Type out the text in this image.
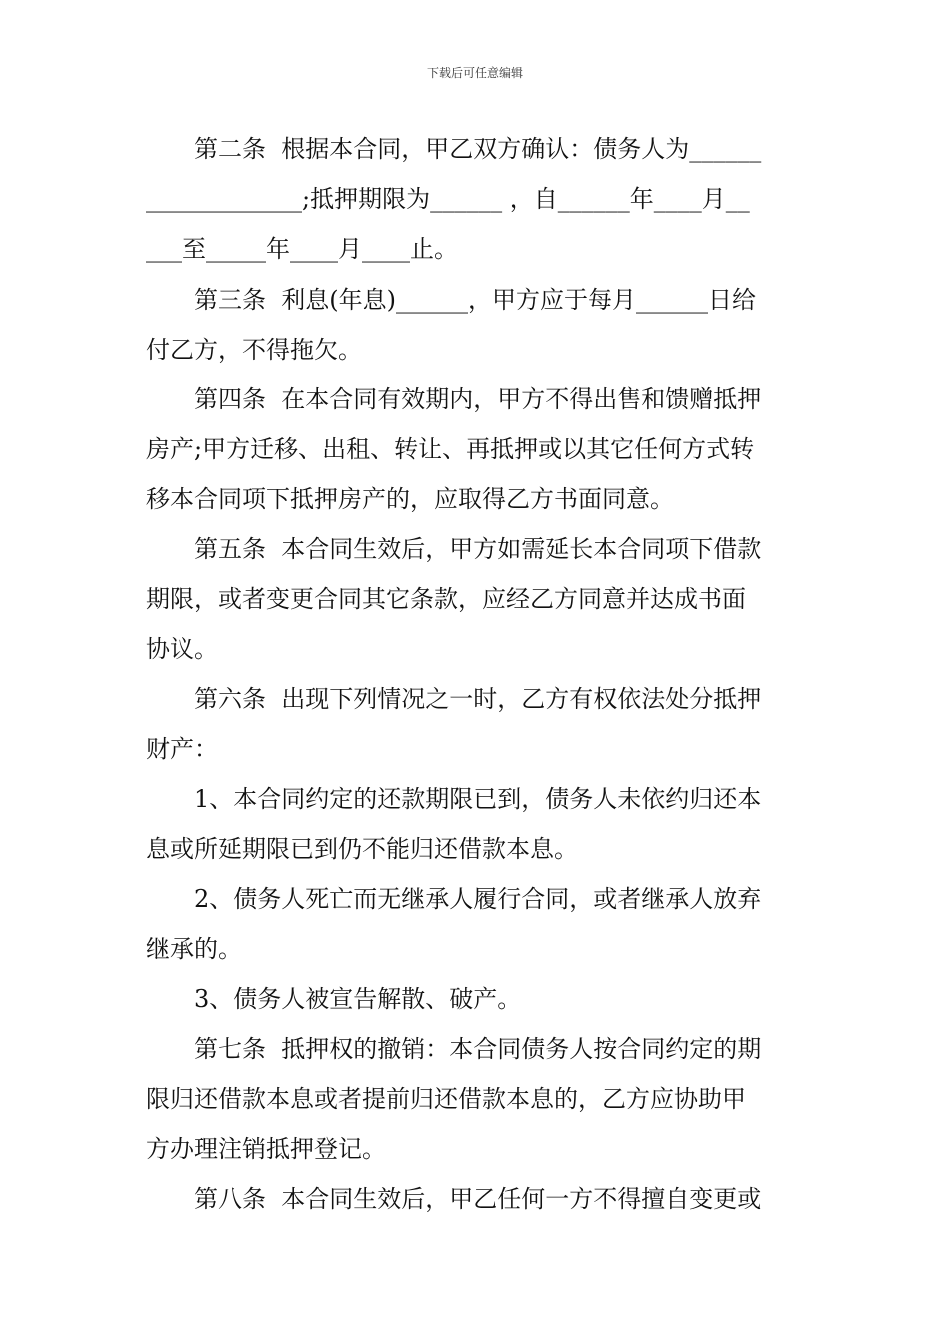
下载后可任意编辑
　　第二条  根据本合同，甲乙双方确认：债务人为______
_____________;抵押期限为______ ，自______年____月__
___至_____年____月____止。
　　第三条  利息(年息)______，甲方应于每月______日给
付乙方，不得拖欠。
　　第四条  在本合同有效期内，甲方不得出售和馈赠抵押
房产;甲方迁移、出租、转让、再抵押或以其它任何方式转
移本合同项下抵押房产的，应取得乙方书面同意。
　　第五条  本合同生效后，甲方如需延长本合同项下借款
期限，或者变更合同其它条款，应经乙方同意并达成书面
协议。
　　第六条  出现下列情况之一时，乙方有权依法处分抵押
财产：
　　1、本合同约定的还款期限已到，债务人未依约归还本
息或所延期限已到仍不能归还借款本息。
　　2、债务人死亡而无继承人履行合同，或者继承人放弃
继承的。
　　3、债务人被宣告解散、破产。
　　第七条  抵押权的撤销：本合同债务人按合同约定的期
限归还借款本息或者提前归还借款本息的，乙方应协助甲
方办理注销抵押登记。
　　第八条  本合同生效后，甲乙任何一方不得擅自变更或
